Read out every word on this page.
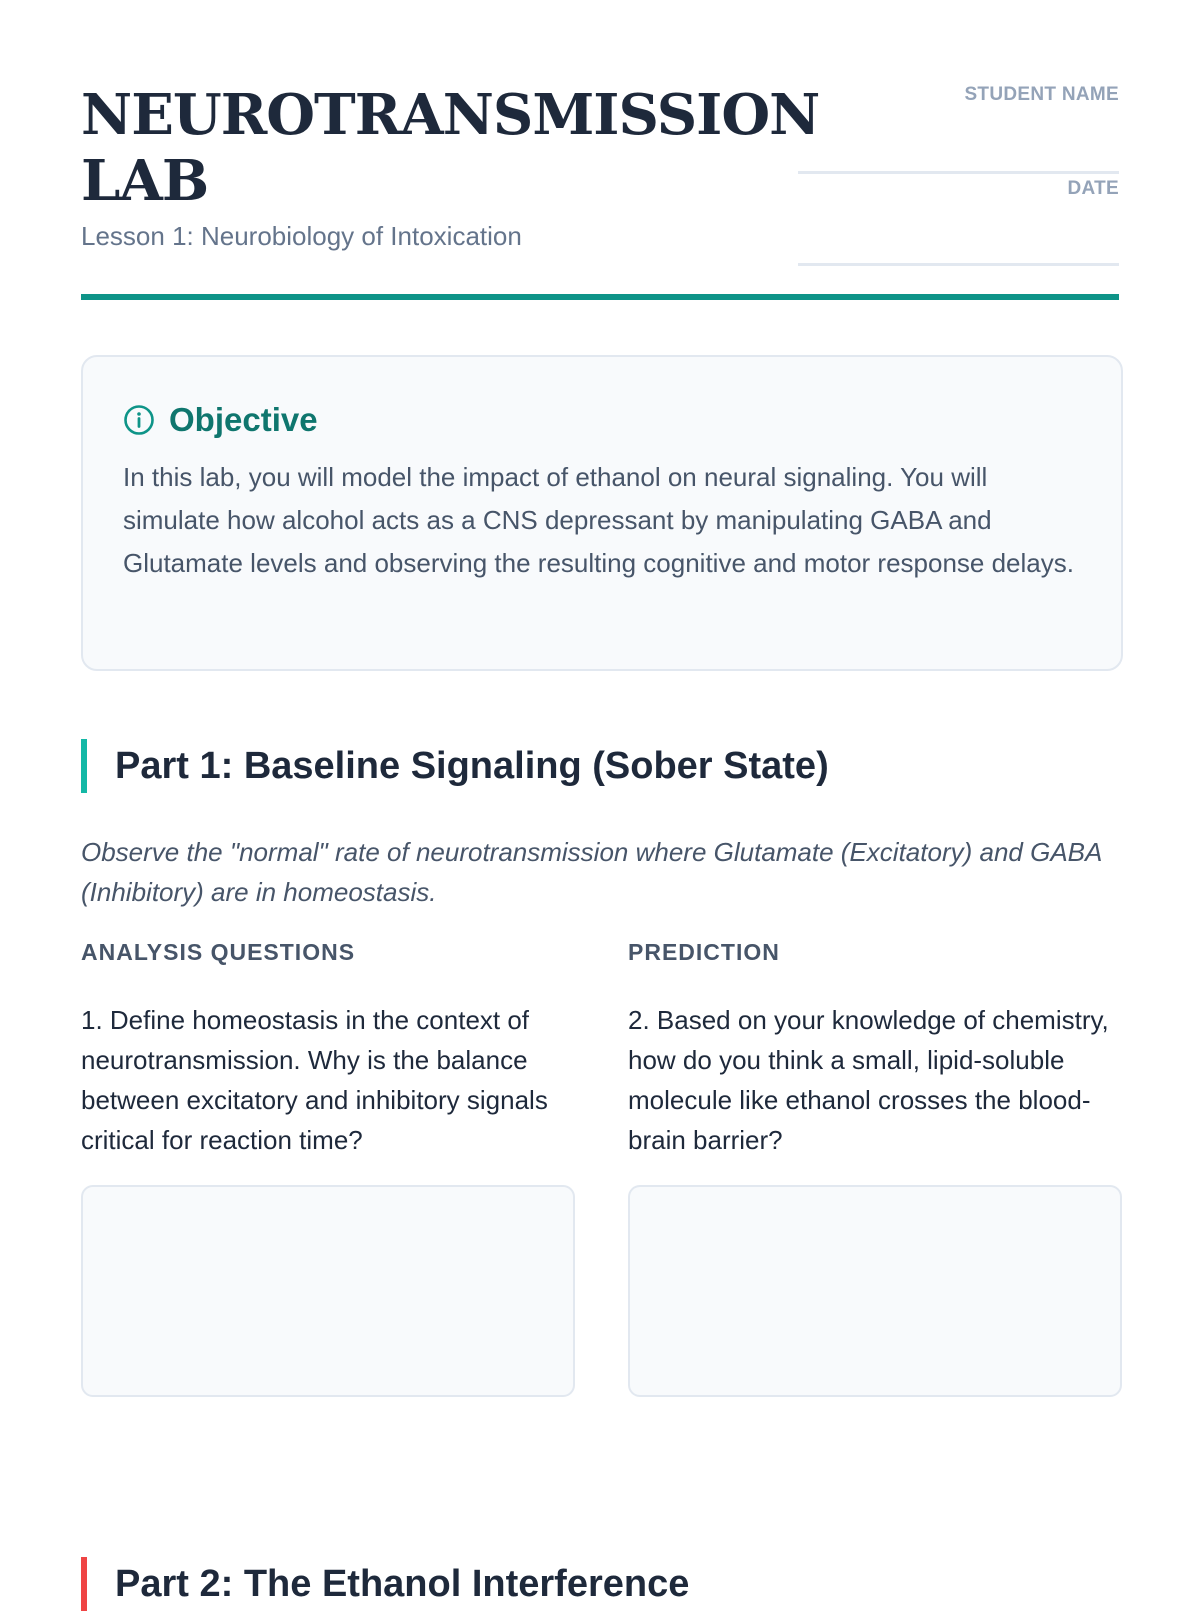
NEUROTRANSMISSION LAB
Lesson 1: Neurobiology of Intoxication
STUDENT NAME
DATE
Objective
In this lab, you will model the impact of ethanol on neural signaling. You will simulate how alcohol acts as a CNS depressant by manipulating GABA and Glutamate levels and observing the resulting cognitive and motor response delays.
Part 1: Baseline Signaling (Sober State)
Observe the "normal" rate of neurotransmission where Glutamate (Excitatory) and GABA (Inhibitory) are in homeostasis.
ANALYSIS QUESTIONS
1. Define homeostasis in the context of neurotransmission. Why is the balance between excitatory and inhibitory signals critical for reaction time?
PREDICTION
2. Based on your knowledge of chemistry, how do you think a small, lipid-soluble molecule like ethanol crosses the blood-brain barrier?
Part 2: The Ethanol Interference
